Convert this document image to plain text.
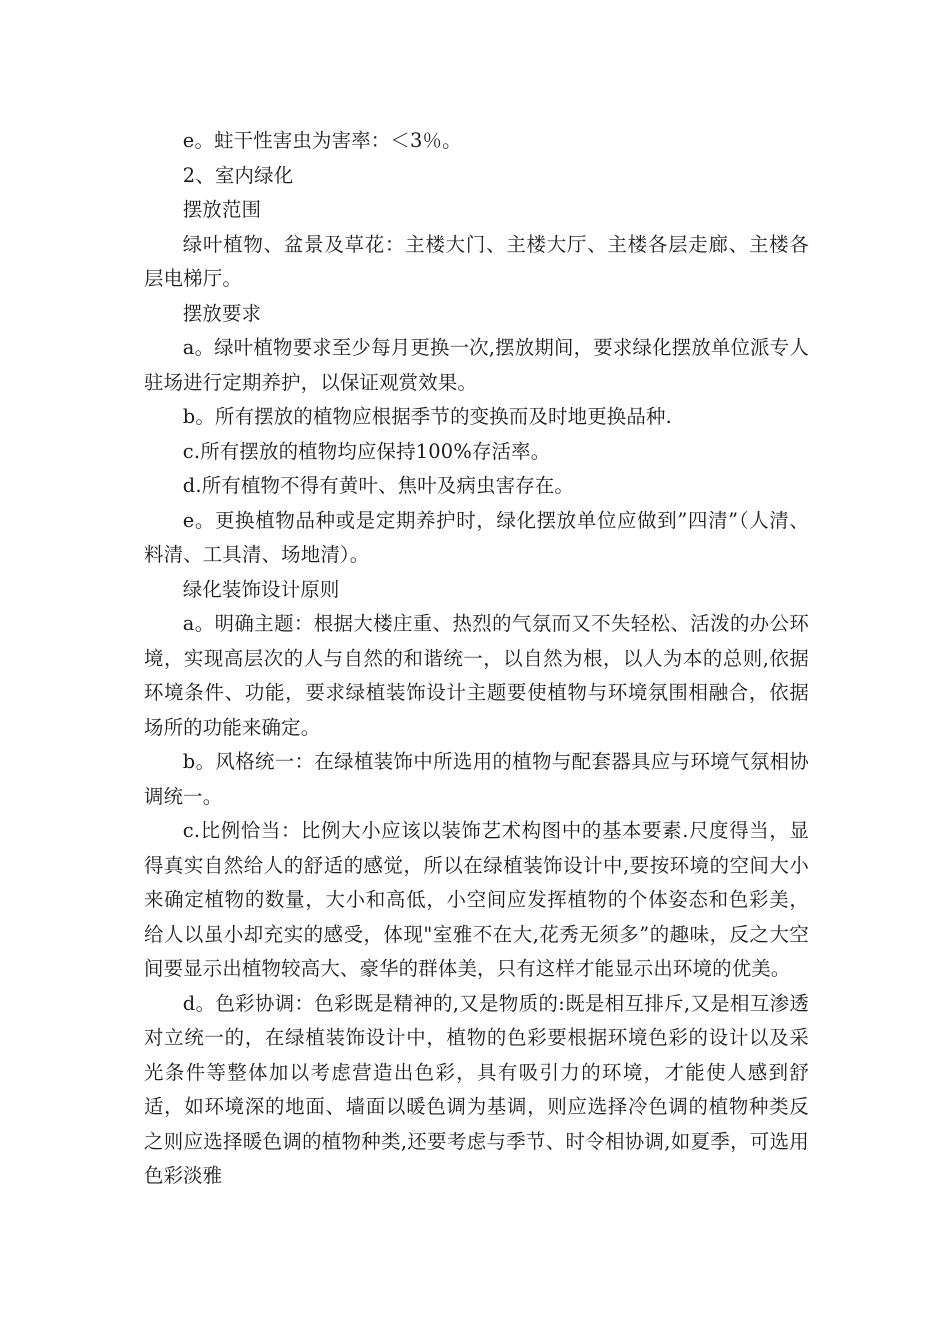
e。蛀干性害虫为害率：＜3％。

2、室内绿化

摆放范围

绿叶植物、盆景及草花：主楼大门、主楼大厅、主楼各层走廊、主楼各层电梯厅。

摆放要求

a。绿叶植物要求至少每月更换一次,摆放期间，要求绿化摆放单位派专人驻场进行定期养护，以保证观赏效果。

b。所有摆放的植物应根据季节的变换而及时地更换品种.

c.所有摆放的植物均应保持100%存活率。

d.所有植物不得有黄叶、焦叶及病虫害存在。

e。更换植物品种或是定期养护时，绿化摆放单位应做到”四清”（人清、料清、工具清、场地清）。

绿化装饰设计原则

a。明确主题：根据大楼庄重、热烈的气氛而又不失轻松、活泼的办公环境，实现高层次的人与自然的和谐统一，以自然为根，以人为本的总则,依据环境条件、功能，要求绿植装饰设计主题要使植物与环境氛围相融合，依据场所的功能来确定。

b。风格统一：在绿植装饰中所选用的植物与配套器具应与环境气氛相协调统一。

c.比例恰当：比例大小应该以装饰艺术构图中的基本要素.尺度得当，显得真实自然给人的舒适的感觉，所以在绿植装饰设计中,要按环境的空间大小来确定植物的数量，大小和高低，小空间应发挥植物的个体姿态和色彩美，给人以虽小却充实的感受，体现"室雅不在大,花秀无须多”的趣味，反之大空间要显示出植物较高大、豪华的群体美，只有这样才能显示出环境的优美。

d。色彩协调：色彩既是精神的,又是物质的:既是相互排斥,又是相互渗透对立统一的，在绿植装饰设计中，植物的色彩要根据环境色彩的设计以及采光条件等整体加以考虑营造出色彩，具有吸引力的环境，才能使人感到舒适，如环境深的地面、墙面以暖色调为基调，则应选择冷色调的植物种类反之则应选择暖色调的植物种类,还要考虑与季节、时令相协调,如夏季，可选用色彩淡雅
